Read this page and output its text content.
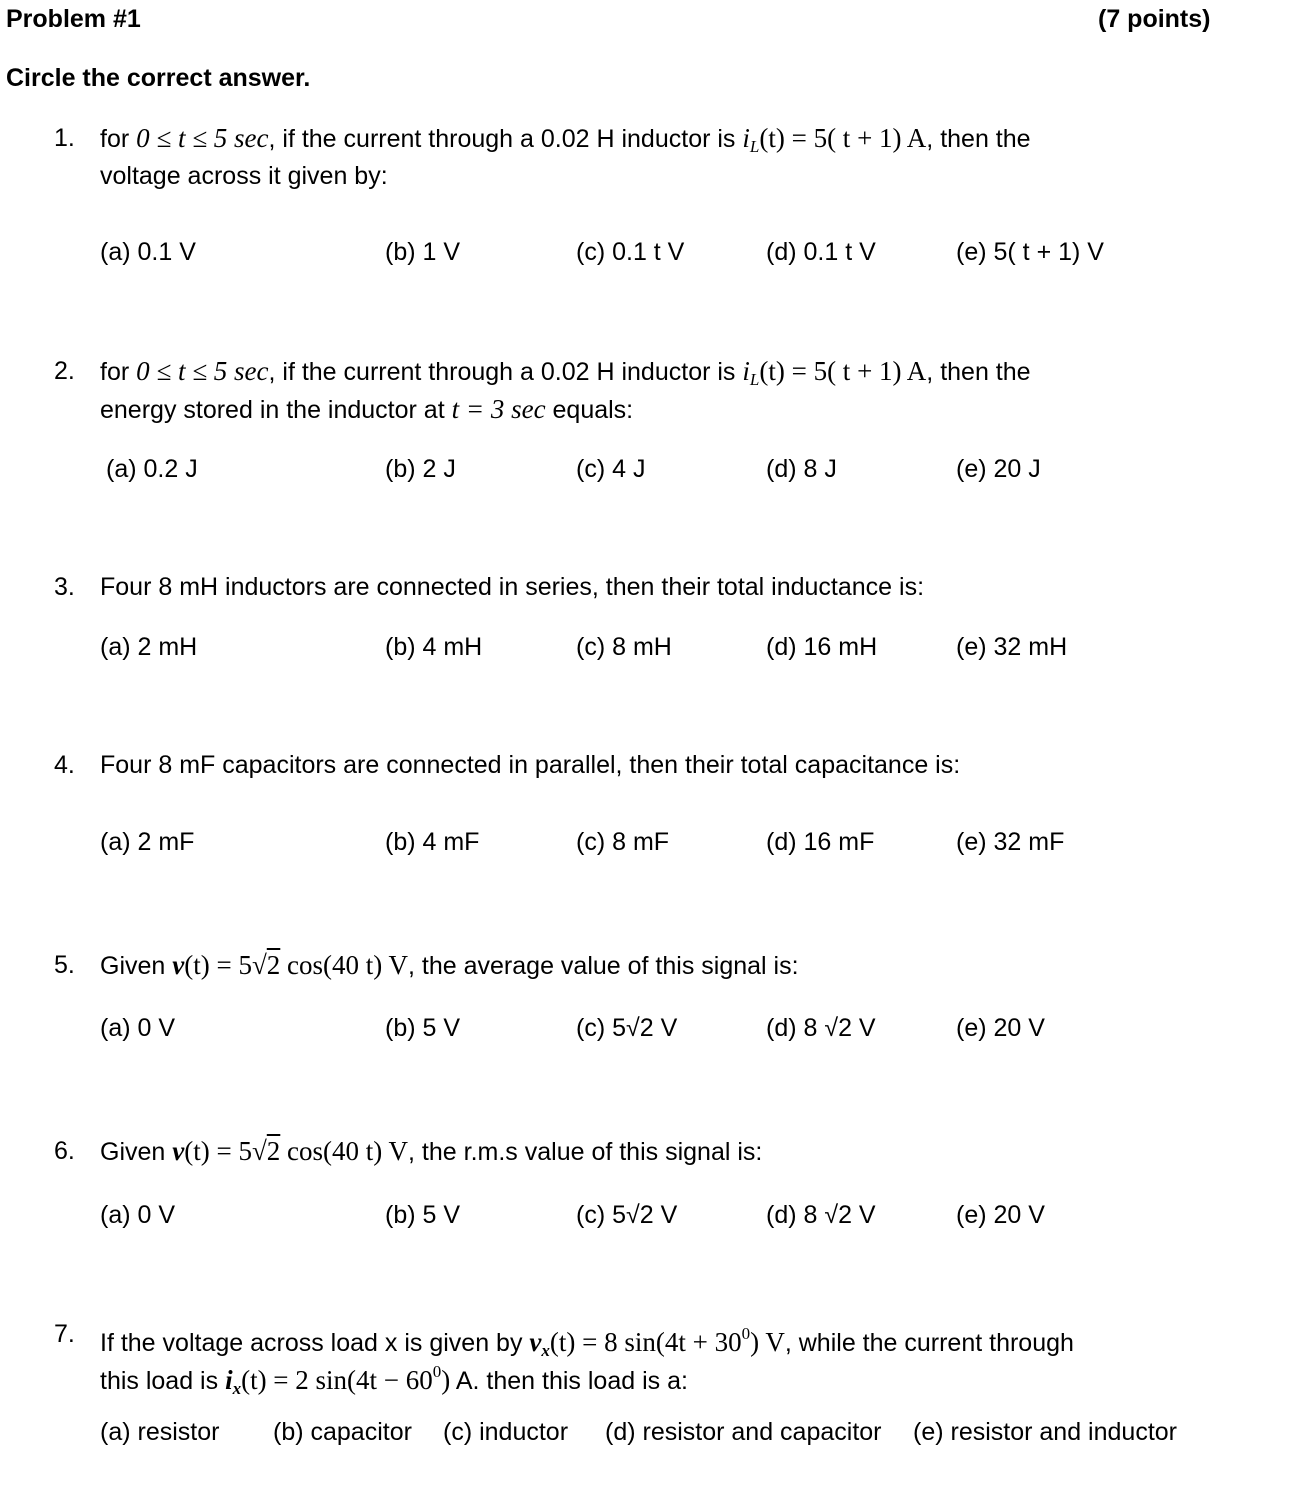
Problem #1	(7 points)
Circle the correct answer.
1. for 0 ≤ t ≤ 5 sec, if the current through a 0.02 H inductor is $i_L(t) = 5$( t + 1) A, then the
voltage across it given by:
(a) 0.1 V	(b) 1 V	(c) 0.1 t V	(d) 0.1 t V	(e) 5( t + 1) V
2. for 0 ≤ t ≤ 5 sec, if the current through a 0.02 H inductor is $i_L(t) = 5$( t + 1) A, then the
energy stored in the inductor at t = 3 sec equals:
(a) 0.2 J	(b) 2 J	(c) 4 J	(d) 8 J	(e) 20 J
3. Four 8 mH inductors are connected in series, then their total inductance is:
(a) 2 mH	(b) 4 mH	(c) 8 mH	(d) 16 mH	(e) 32 mH
4. Four 8 mF capacitors are connected in parallel, then their total capacitance is:
(a) 2 mF	(b) 4 mF	(c) 8 mF	(d) 16 mF	(e) 32 mF
5. Given v(t) = 5√2 cos(40 t) V, the average value of this signal is:
(a) 0 V	(b) 5 V	(c) 5√2 V	(d) 8 √2 V	(e) 20 V
6. Given v(t) = 5√2 cos(40 t) V, the r.m.s value of this signal is:
(a) 0 V	(b) 5 V	(c) 5√2 V	(d) 8 √2 V	(e) 20 V
7. If the voltage across load x is given by $v_x(t) = 8$ $\sin(4t + 30^0)$ V, while the current through
this load is $i_x(t) = 2$ $\sin(4t - 60^0)$ A. then this load is a:
(a) resistor (b) capacitor (c) inductor (d) resistor and capacitor (e) resistor and inductor
